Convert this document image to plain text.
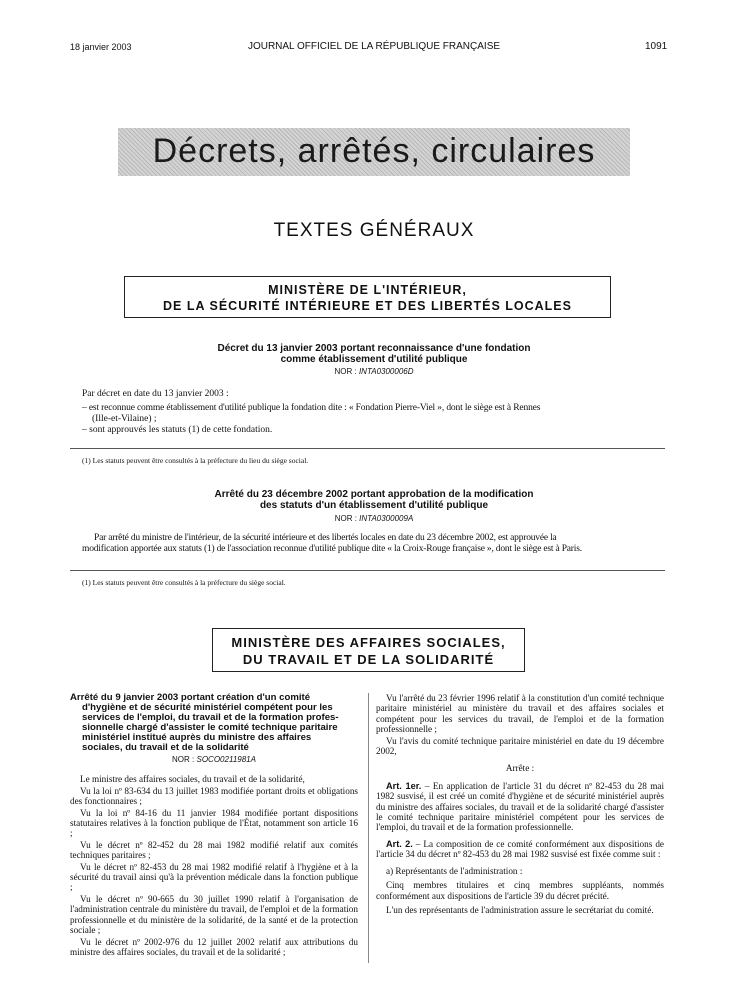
18 janvier 2003	JOURNAL OFFICIEL DE LA RÉPUBLIQUE FRANÇAISE	1091
Décrets, arrêtés, circulaires
TEXTES GÉNÉRAUX
MINISTÈRE DE L'INTÉRIEUR,
DE LA SÉCURITÉ INTÉRIEURE ET DES LIBERTÉS LOCALES
Décret du 13 janvier 2003 portant reconnaissance d'une fondation
comme établissement d'utilité publique
NOR : INTA0300006D

Par décret en date du 13 janvier 2003 :

– est reconnue comme établissement d'utilité publique la fondation dite : « Fondation Pierre-Viel », dont le siège est à Rennes

(Ille-et-Vilaine) ;

– sont approuvés les statuts (1) de cette fondation.

(1) Les statuts peuvent être consultés à la préfecture du lieu du siège social.
Arrêté du 23 décembre 2002 portant approbation de la modification
des statuts d'un établissement d'utilité publique
NOR : INTA0300009A

Par arrêté du ministre de l'intérieur, de la sécurité intérieure et des libertés locales en date du 23 décembre 2002, est approuvée la

modification apportée aux statuts (1) de l'association reconnue d'utilité publique dite « la Croix-Rouge française », dont le siège est à Paris.

(1) Les statuts peuvent être consultés à la préfecture du siège social.
MINISTÈRE DES AFFAIRES SOCIALES,
DU TRAVAIL ET DE LA SOLIDARITÉ

Arrêté du 9 janvier 2003 portant création d'un comité

d'hygiène et de sécurité ministériel compétent pour les

services de l'emploi, du travail et de la formation profes-

sionnelle chargé d'assister le comité technique paritaire

ministériel institué auprès du ministre des affaires

sociales, du travail et de la solidarité

NOR : SOCO0211981A

Le ministre des affaires sociales, du travail et de la solidarité,

Vu la loi nº 83-634 du 13 juillet 1983 modifiée portant droits et obligations des fonctionnaires ;

Vu la loi nº 84-16 du 11 janvier 1984 modifiée portant dispositions statutaires relatives à la fonction publique de l'État, notamment son article 16 ;

Vu le décret nº 82-452 du 28 mai 1982 modifié relatif aux comités techniques paritaires ;

Vu le décret nº 82-453 du 28 mai 1982 modifié relatif à l'hygiène et à la sécurité du travail ainsi qu'à la prévention médicale dans la fonction publique ;

Vu le décret nº 90-665 du 30 juillet 1990 relatif à l'organisation de l'administration centrale du ministère du travail, de l'emploi et de la formation professionnelle et du ministère de la solidarité, de la santé et de la protection sociale ;

Vu le décret nº 2002-976 du 12 juillet 2002 relatif aux attributions du ministre des affaires sociales, du travail et de la solidarité ;

Vu l'arrêté du 23 février 1996 relatif à la constitution d'un comité technique paritaire ministériel au ministère du travail et des affaires sociales et compétent pour les services du travail, de l'emploi et de la formation professionnelle ;

Vu l'avis du comité technique paritaire ministériel en date du 19 décembre 2002,

Arrête :

Art. 1er. – En application de l'article 31 du décret nº 82-453 du 28 mai 1982 susvisé, il est créé un comité d'hygiène et de sécurité ministériel auprès du ministre des affaires sociales, du travail et de la solidarité chargé d'assister le comité technique paritaire ministériel compétent pour les services de l'emploi, du travail et de la formation professionnelle.

Art. 2. – La composition de ce comité conformément aux dispositions de l'article 34 du décret nº 82-453 du 28 mai 1982 susvisé est fixée comme suit :

a) Représentants de l'administration :

Cinq membres titulaires et cinq membres suppléants, nommés conformément aux dispositions de l'article 39 du décret précité.

L'un des représentants de l'administration assure le secrétariat du comité.
